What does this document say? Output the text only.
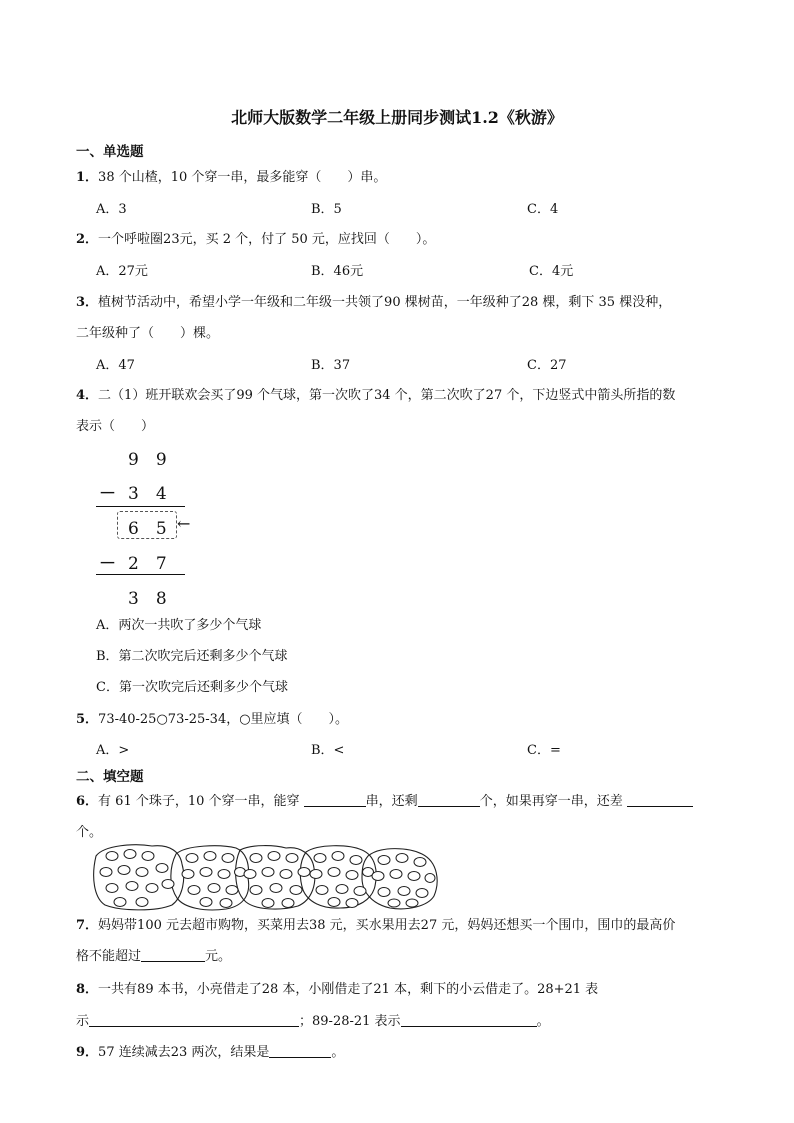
北师大版数学二年级上册同步测试1.2《秋游》
一、单选题
1．38 个山楂，10 个穿一串，最多能穿（　　）串。
A．3	B．5	C．4
2．一个呼啦圈23元，买 2 个，付了 50 元，应找回（　　）。
A．27元	B．46元	C．4元
3．植树节活动中，希望小学一年级和二年级一共领了90 棵树苗，一年级种了28 棵，剩下 35 棵没种，
二年级种了（　　）棵。
A．47	B．37	C．27
4．二（1）班开联欢会买了99 个气球，第一次吹了34 个，第二次吹了27 个，下边竖式中箭头所指的数
表示（　　）
9　9
－ 3　4
6　5 ←
－ 2　7
3　8
A．两次一共吹了多少个气球
B．第二次吹完后还剩多少个气球
C．第一次吹完后还剩多少个气球
5．73-40-25○73-25-34，○里应填（　　）。
A．>	B．<	C．=
二、填空题
6．有 61 个珠子，10 个穿一串，能穿	串，还剩	个，如果再穿一串，还差
个。
7．妈妈带100 元去超市购物，买菜用去38 元，买水果用去27 元，妈妈还想买一个围巾，围巾的最高价
格不能超过	元。
8．一共有89 本书，小亮借走了28 本，小刚借走了21 本，剩下的小云借走了。28+21 表
示	；89-28-21 表示	。
9．57 连续减去23 两次，结果是	。
